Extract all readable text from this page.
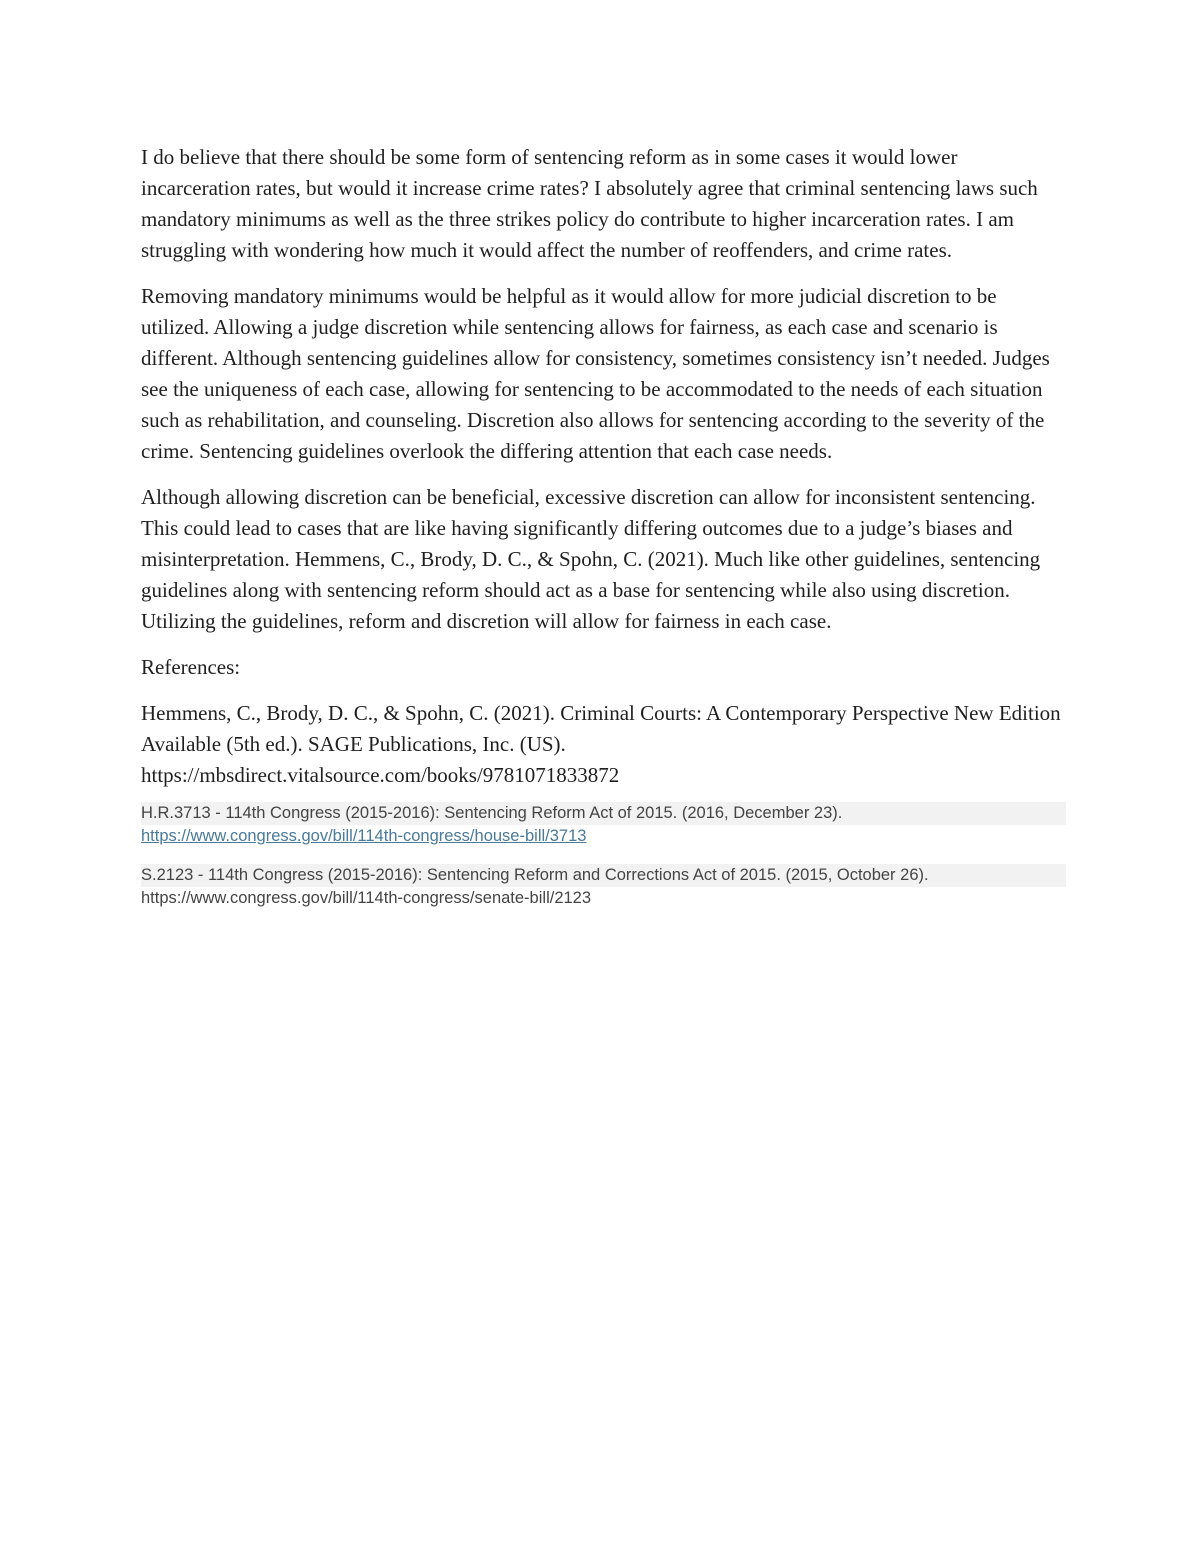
I do believe that there should be some form of sentencing reform as in some cases it would lower incarceration rates, but would it increase crime rates? I absolutely agree that criminal sentencing laws such mandatory minimums as well as the three strikes policy do contribute to higher incarceration rates. I am struggling with wondering how much it would affect the number of reoffenders, and crime rates.

Removing mandatory minimums would be helpful as it would allow for more judicial discretion to be utilized. Allowing a judge discretion while sentencing allows for fairness, as each case and scenario is different. Although sentencing guidelines allow for consistency, sometimes consistency isn’t needed. Judges see the uniqueness of each case, allowing for sentencing to be accommodated to the needs of each situation such as rehabilitation, and counseling. Discretion also allows for sentencing according to the severity of the crime. Sentencing guidelines overlook the differing attention that each case needs.

Although allowing discretion can be beneficial, excessive discretion can allow for inconsistent sentencing. This could lead to cases that are like having significantly differing outcomes due to a judge’s biases and misinterpretation. Hemmens, C., Brody, D. C., & Spohn, C. (2021). Much like other guidelines, sentencing guidelines along with sentencing reform should act as a base for sentencing while also using discretion. Utilizing the guidelines, reform and discretion will allow for fairness in each case.

References:

Hemmens, C., Brody, D. C., & Spohn, C. (2021). Criminal Courts: A Contemporary Perspective New Edition Available (5th ed.). SAGE Publications, Inc. (US).
https://mbsdirect.vitalsource.com/books/9781071833872
H.R.3713 - 114th Congress (2015-2016): Sentencing Reform Act of 2015. (2016, December 23).
https://www.congress.gov/bill/114th-congress/house-bill/3713
S.2123 - 114th Congress (2015-2016): Sentencing Reform and Corrections Act of 2015. (2015, October 26).
https://www.congress.gov/bill/114th-congress/senate-bill/2123
